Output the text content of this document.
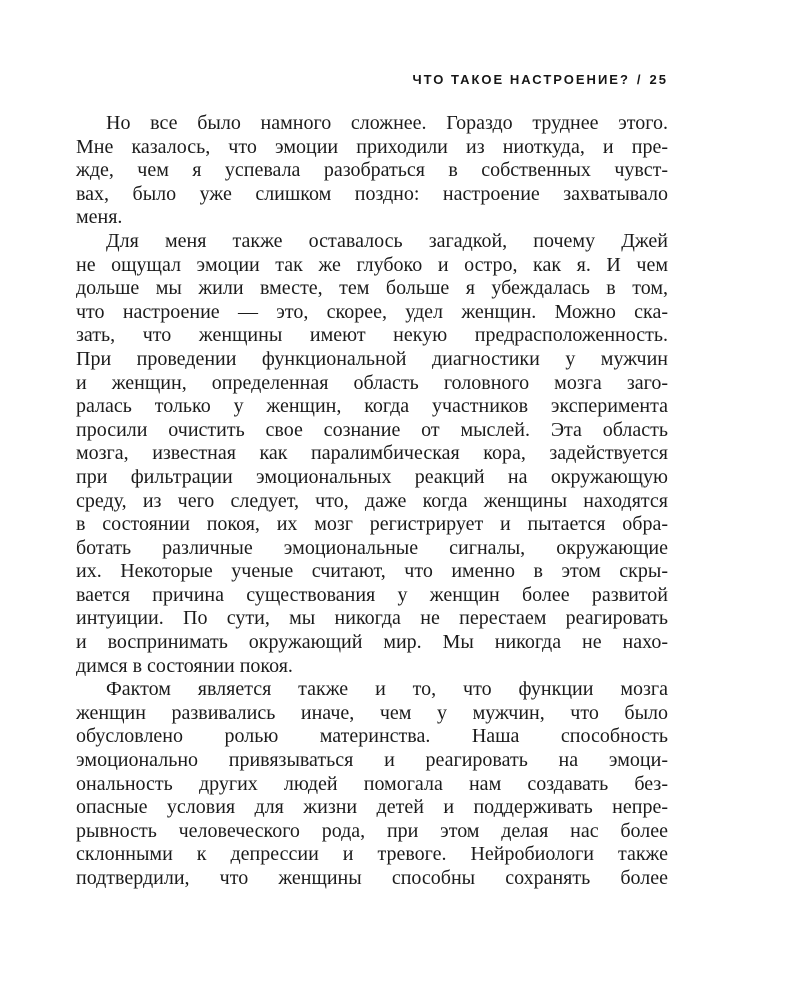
ЧТО ТАКОЕ НАСТРОЕНИЕ? / 25
Но все было намного сложнее. Гораздо труднее этого.
Мне казалось, что эмоции приходили из ниоткуда, и пре-
жде, чем я успевала разобраться в собственных чувст-
вах, было уже слишком поздно: настроение захватывало
меня.
Для меня также оставалось загадкой, почему Джей
не ощущал эмоции так же глубоко и остро, как я. И чем
дольше мы жили вместе, тем больше я убеждалась в том,
что настроение — это, скорее, удел женщин. Можно ска-
зать, что женщины имеют некую предрасположенность.
При проведении функциональной диагностики у мужчин
и женщин, определенная область головного мозга заго-
ралась только у женщин, когда участников эксперимента
просили очистить свое сознание от мыслей. Эта область
мозга, известная как паралимбическая кора, задействуется
при фильтрации эмоциональных реакций на окружающую
среду, из чего следует, что, даже когда женщины находятся
в состоянии покоя, их мозг регистрирует и пытается обра-
ботать различные эмоциональные сигналы, окружающие
их. Некоторые ученые считают, что именно в этом скры-
вается причина существования у женщин более развитой
интуиции. По сути, мы никогда не перестаем реагировать
и воспринимать окружающий мир. Мы никогда не нахо-
димся в состоянии покоя.
Фактом является также и то, что функции мозга
женщин развивались иначе, чем у мужчин, что было
обусловлено ролью материнства. Наша способность
эмоционально привязываться и реагировать на эмоци-
ональность других людей помогала нам создавать без-
опасные условия для жизни детей и поддерживать непре-
рывность человеческого рода, при этом делая нас более
склонными к депрессии и тревоге. Нейробиологи также
подтвердили, что женщины способны сохранять более
